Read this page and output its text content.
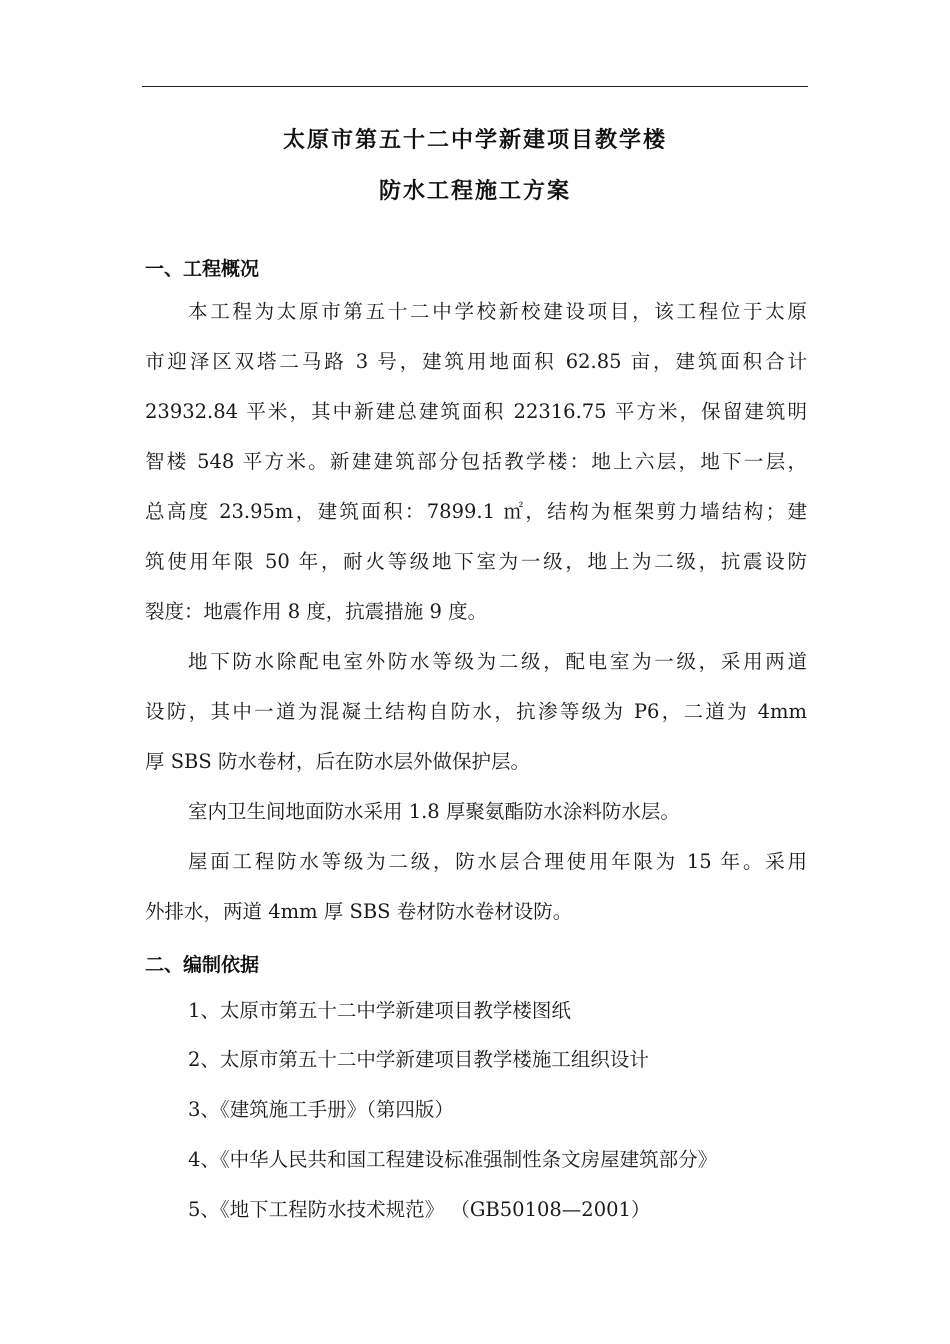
太原市第五十二中学新建项目教学楼
防水工程施工方案
一、工程概况
本工程为太原市第五十二中学校新校建设项目，该工程位于太原
市迎泽区双塔二马路 3 号，建筑用地面积 62.85 亩，建筑面积合计
23932.84 平米，其中新建总建筑面积 22316.75 平方米，保留建筑明
智楼 548 平方米。新建建筑部分包括教学楼：地上六层，地下一层，
总高度 23.95m，建筑面积：7899.1 ㎡，结构为框架剪力墙结构；建
筑使用年限 50 年，耐火等级地下室为一级，地上为二级，抗震设防
裂度：地震作用 8 度，抗震措施 9 度。
地下防水除配电室外防水等级为二级，配电室为一级，采用两道
设防，其中一道为混凝土结构自防水，抗渗等级为 P6，二道为 4mm
厚 SBS 防水卷材，后在防水层外做保护层。
室内卫生间地面防水采用 1.8 厚聚氨酯防水涂料防水层。
屋面工程防水等级为二级，防水层合理使用年限为 15 年。采用
外排水，两道 4mm 厚 SBS 卷材防水卷材设防。
二、编制依据
1、太原市第五十二中学新建项目教学楼图纸
2、太原市第五十二中学新建项目教学楼施工组织设计
3、《建筑施工手册》（第四版）
4、《中华人民共和国工程建设标准强制性条文房屋建筑部分》
5、《地下工程防水技术规范》 （GB50108—2001）
